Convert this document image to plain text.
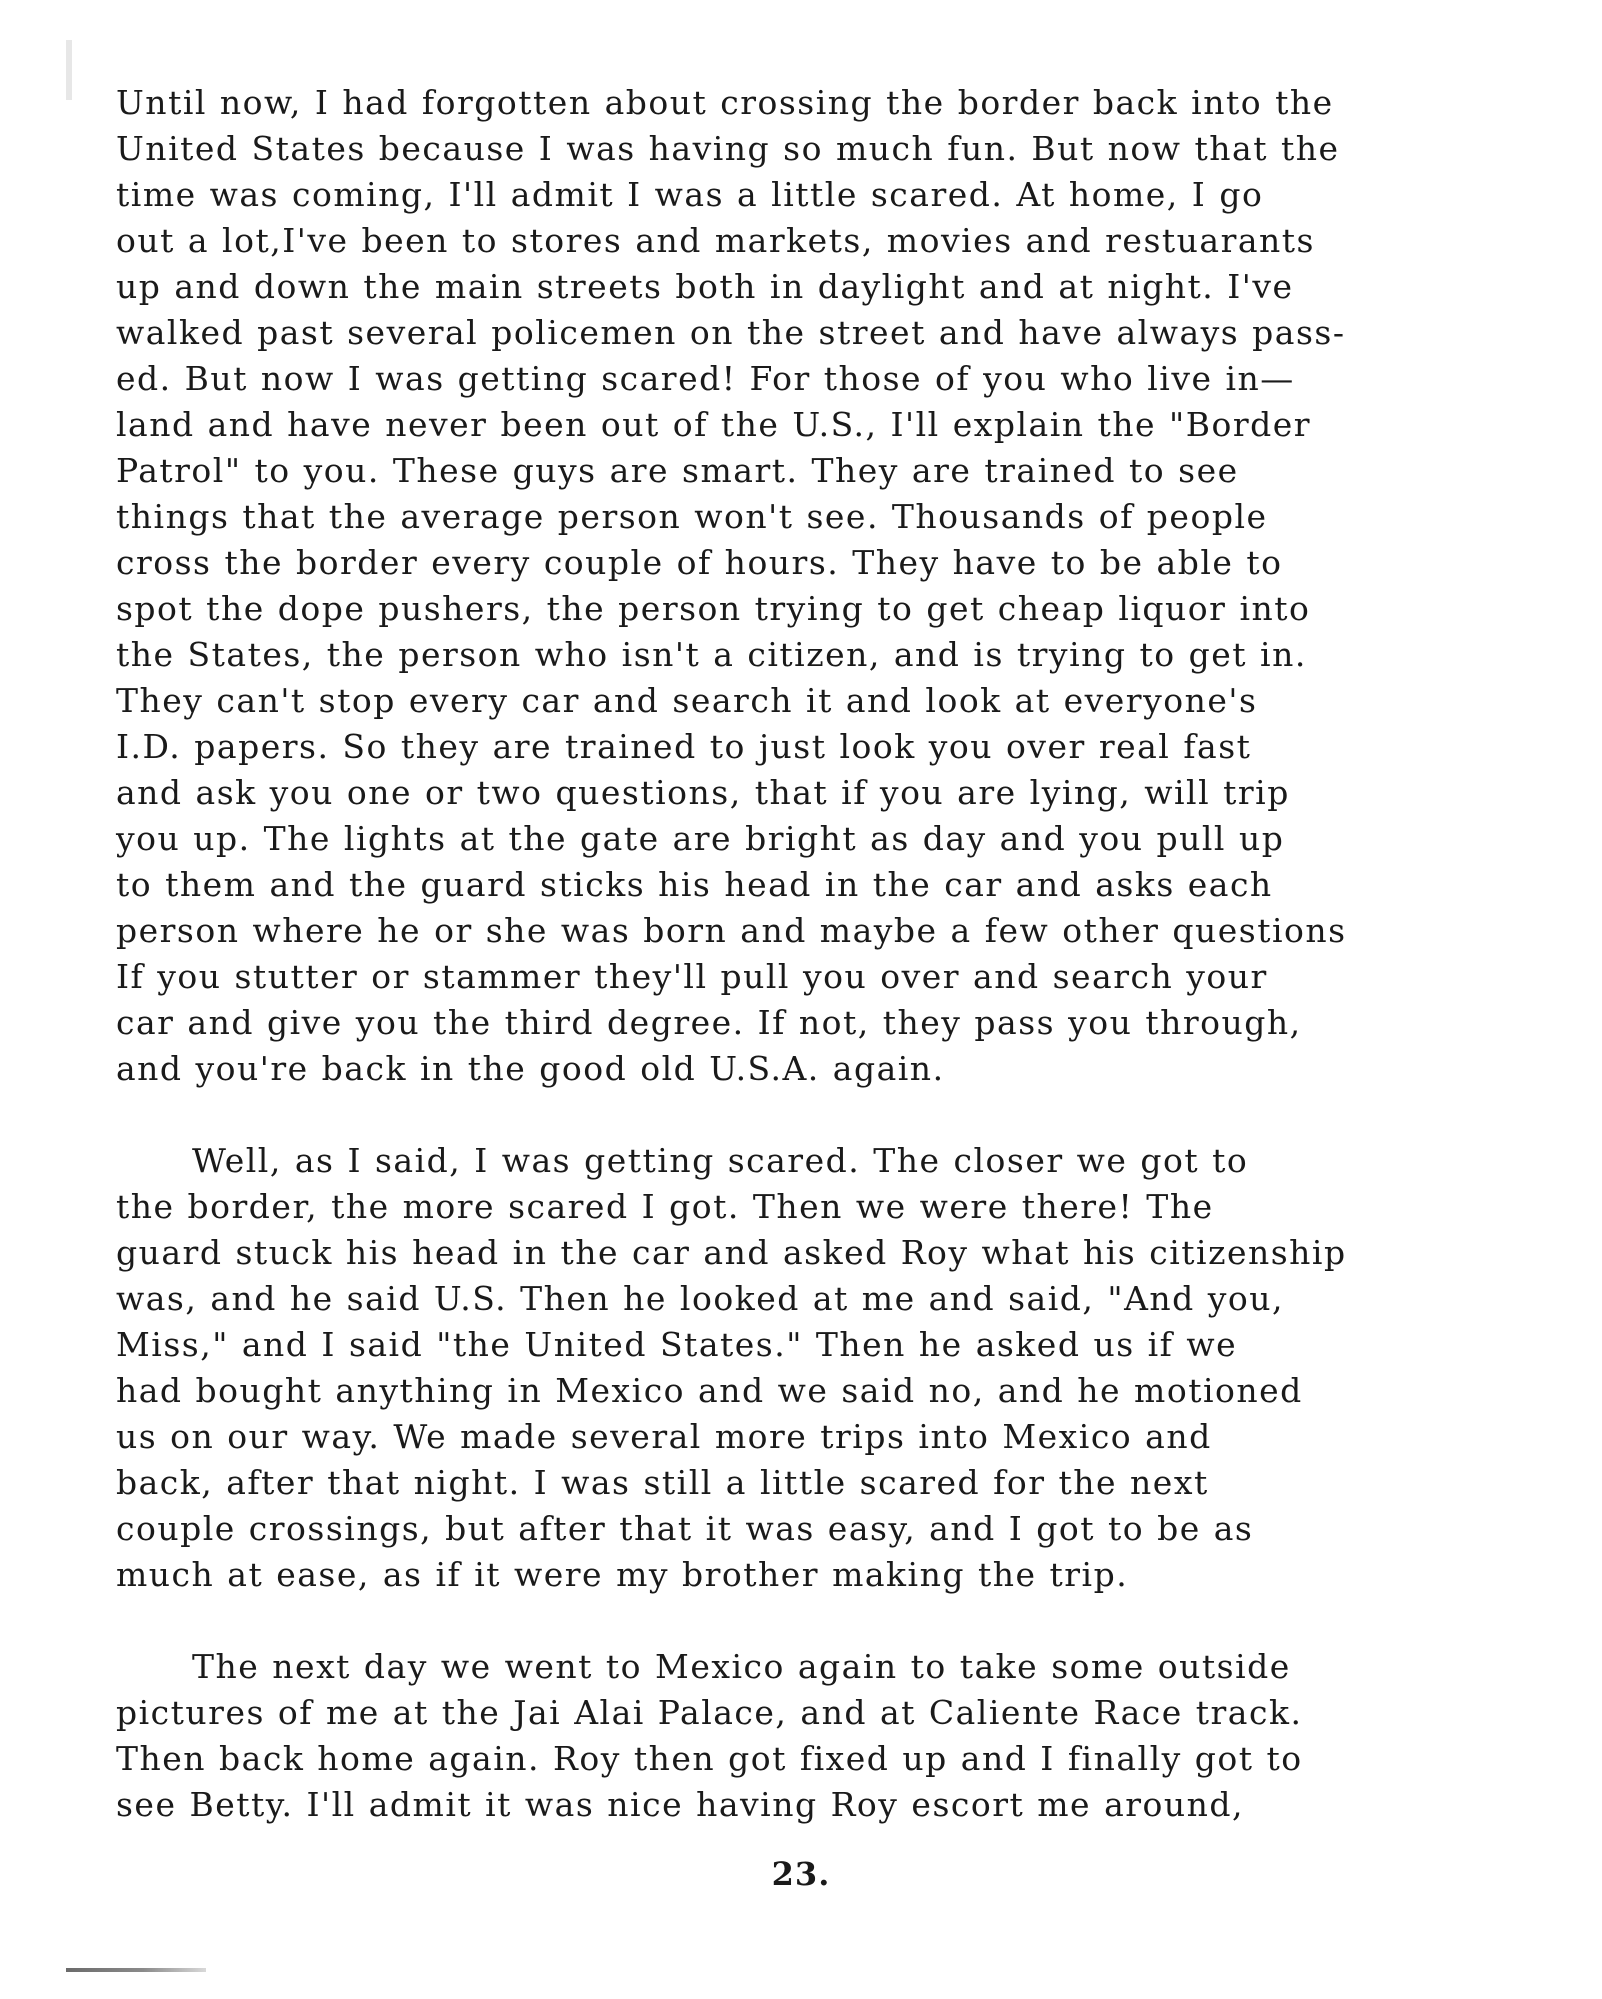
Until now, I had forgotten about crossing the border back into the
United States because I was having so much fun. But now that the
time was coming, I'll admit I was a little scared. At home, I go
out a lot,I've been to stores and markets, movies and restuarants
up and down the main streets both in daylight and at night. I've
walked past several policemen on the street and have always pass-
ed. But now I was getting scared! For those of you who live in—
land and have never been out of the U.S., I'll explain the "Border
Patrol" to you. These guys are smart. They are trained to see
things that the average person won't see. Thousands of people
cross the border every couple of hours. They have to be able to
spot the dope pushers, the person trying to get cheap liquor into
the States, the person who isn't a citizen, and is trying to get in.
They can't stop every car and search it and look at everyone's
I.D. papers. So they are trained to just look you over real fast
and ask you one or two questions, that if you are lying, will trip
you up. The lights at the gate are bright as day and you pull up
to them and the guard sticks his head in the car and asks each
person where he or she was born and maybe a few other questions
If you stutter or stammer they'll pull you over and search your
car and give you the third degree. If not, they pass you through,
and you're back in the good old U.S.A. again.

Well, as I said, I was getting scared. The closer we got to
the border, the more scared I got. Then we were there! The
guard stuck his head in the car and asked Roy what his citizenship
was, and he said U.S. Then he looked at me and said, "And you,
Miss," and I said "the United States." Then he asked us if we
had bought anything in Mexico and we said no, and he motioned
us on our way. We made several more trips into Mexico and
back, after that night. I was still a little scared for the next
couple crossings, but after that it was easy, and I got to be as
much at ease, as if it were my brother making the trip.

The next day we went to Mexico again to take some outside
pictures of me at the Jai Alai Palace, and at Caliente Race track.
Then back home again. Roy then got fixed up and I finally got to
see Betty. I'll admit it was nice having Roy escort me around,

23.
